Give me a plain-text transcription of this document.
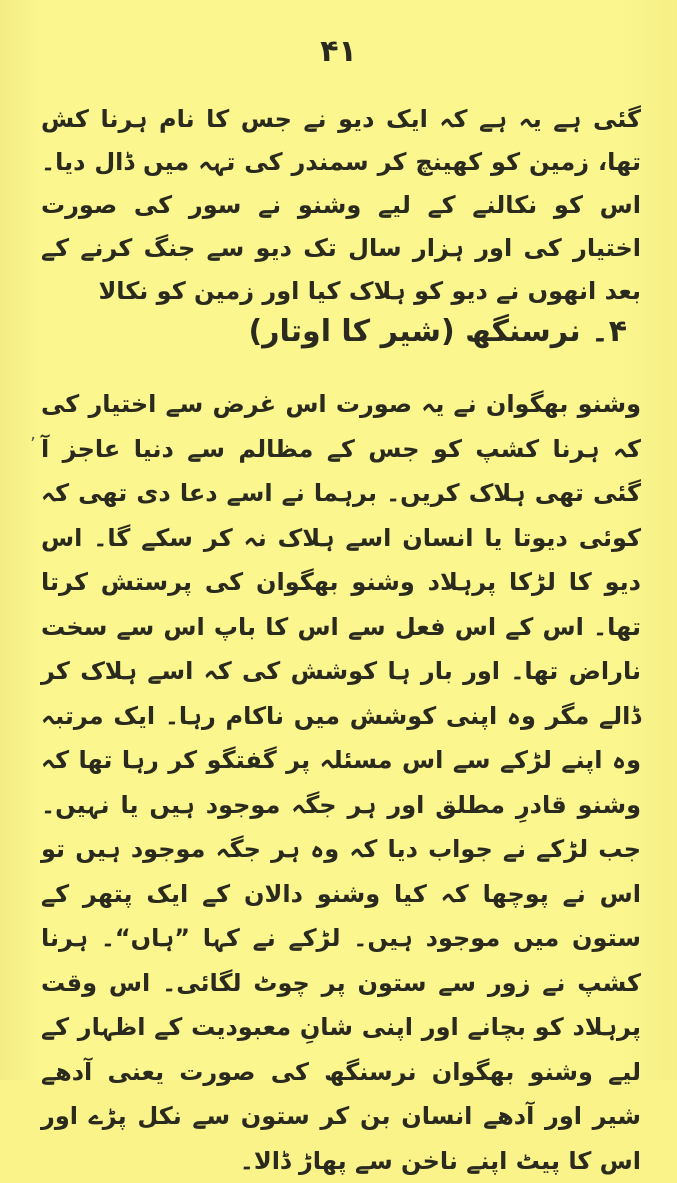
۴۱
گئی ہے یہ ہے کہ ایک دیو نے جس کا نام ہرنا کش تھا، زمین کو کھینچ کر سمندر کی تہہ میں ڈال دیا۔ اس کو نکالنے کے لیے وشنو نے سور کی صورت اختیار کی اور ہزار سال تک دیو سے جنگ کرنے کے بعد انھوں نے دیو کو ہلاک کیا اور زمین کو نکالا
۴۔ نرسنگھ (شیر کا اوتار)
وشنو بھگوان نے یہ صورت اس غرض سے اختیار کی کہ ہرنا کشپ کو جس کے مظالم سے دنیا عاجز آ گئی تھی ہلاک کریں۔ برہما نے اسے دعا دی تھی کہ کوئی دیوتا یا انسان اسے ہلاک نہ کر سکے گا۔ اس دیو کا لڑکا پرہلاد وشنو بھگوان کی پرستش کرتا تھا۔ اس کے اس فعل سے اس کا باپ اس سے سخت ناراض تھا۔ اور بار ہا کوشش کی کہ اسے ہلاک کر ڈالے مگر وہ اپنی کوشش میں ناکام رہا۔ ایک مرتبہ وہ اپنے لڑکے سے اس مسئلہ پر گفتگو کر رہا تھا کہ وشنو قادرِ مطلق اور ہر جگہ موجود ہیں یا نہیں۔ جب لڑکے نے جواب دیا کہ وہ ہر جگہ موجود ہیں تو اس نے پوچھا کہ کیا وشنو دالان کے ایک پتھر کے ستون میں موجود ہیں۔ لڑکے نے کہا ”ہاں“۔ ہرنا کشپ نے زور سے ستون پر چوٹ لگائی۔ اس وقت پرہلاد کو بچانے اور اپنی شانِ معبودیت کے اظہار کے لیے وشنو بھگوان نرسنگھ کی صورت یعنی آدھے شیر اور آدھے انسان بن کر ستون سے نکل پڑے اور اس کا پیٹ اپنے ناخن سے پھاڑ ڈالا۔
ʼ
